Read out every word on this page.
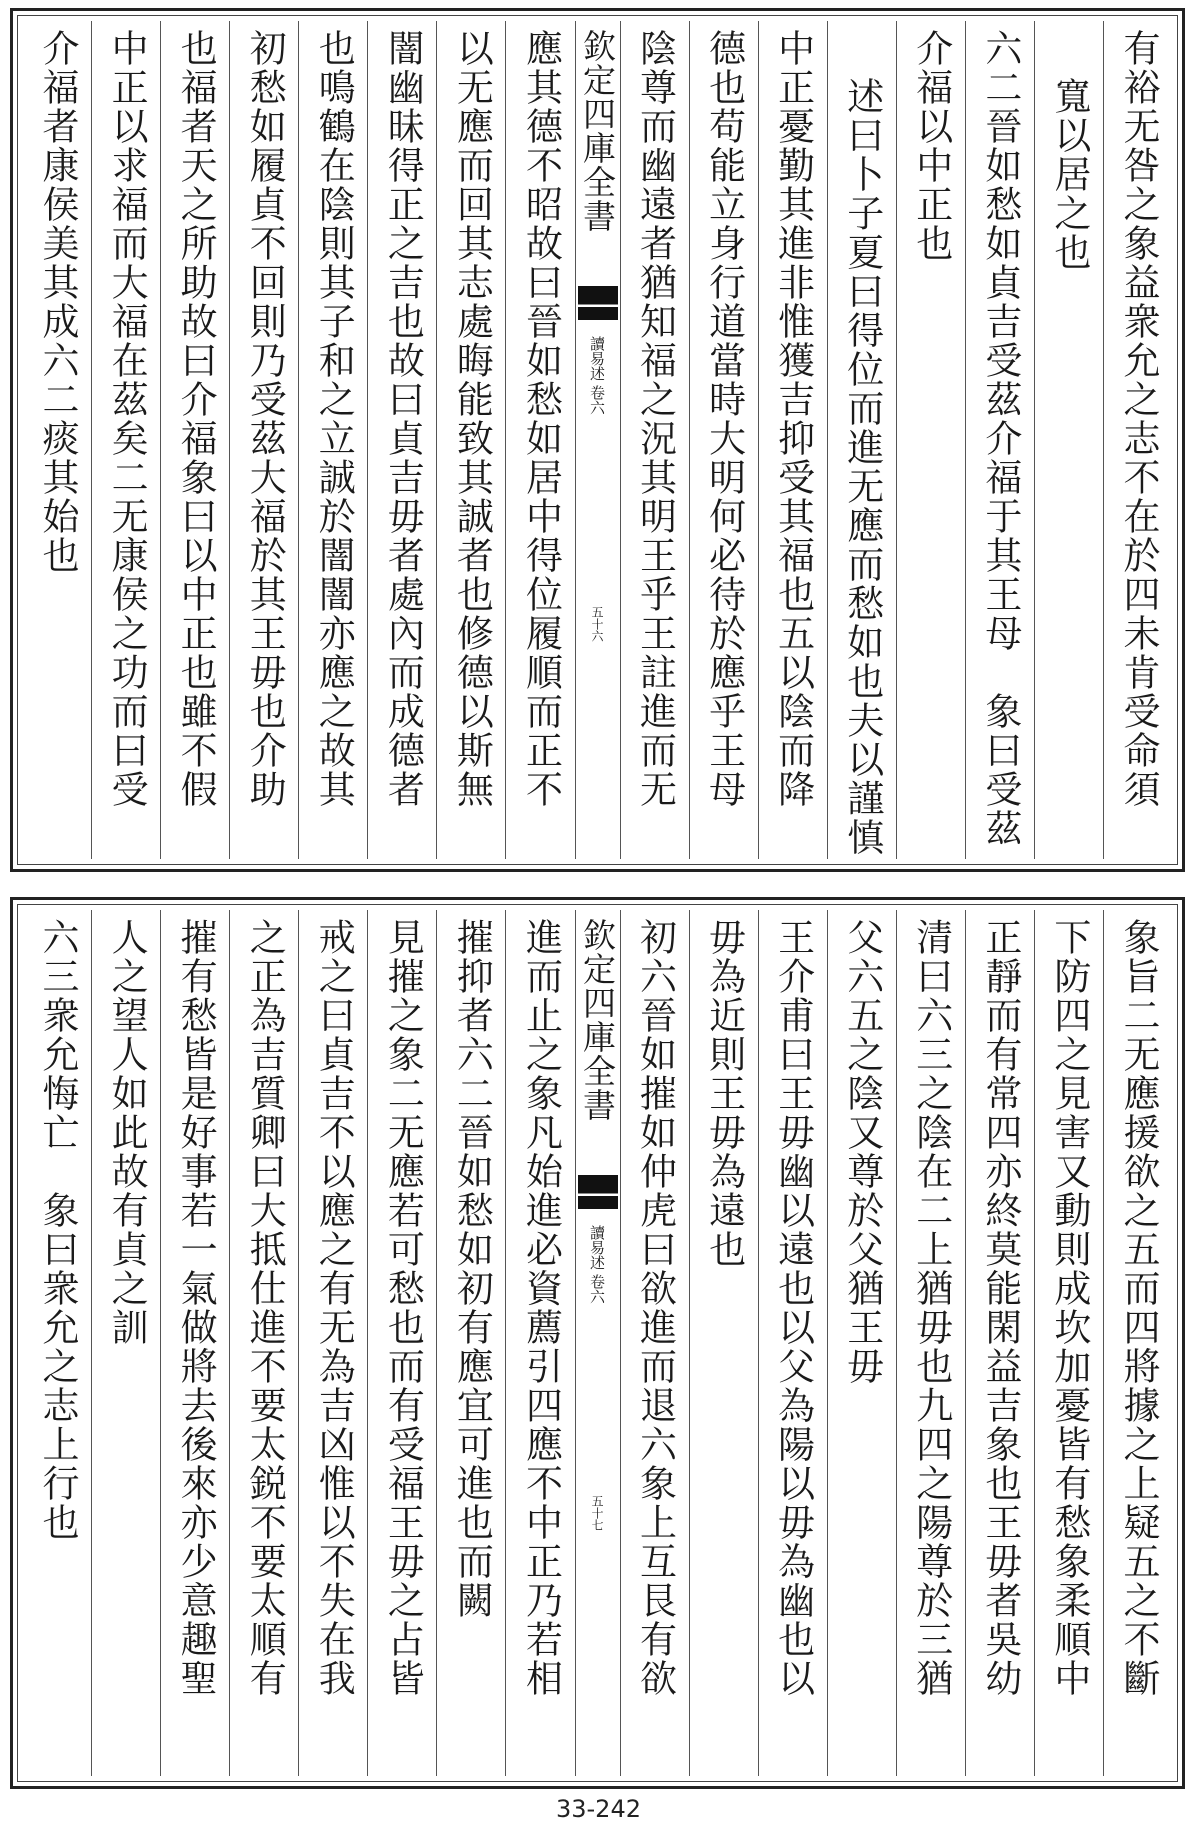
有裕无咎之象益衆允之志不在於四未肯受命須
寬以居之也
六二晉如愁如貞吉受茲介福于其王母　象曰受茲
介福以中正也
述曰卜子夏曰得位而進无應而愁如也夫以謹慎
中正憂勤其進非惟獲吉抑受其福也五以陰而降
德也苟能立身行道當時大明何必待於應乎王母
陰尊而幽遠者猶知福之況其明王乎王註進而无
欽定四庫全書
讀易述
卷六
五十六
應其德不昭故曰晉如愁如居中得位履順而正不
以无應而回其志處晦能致其誠者也修德以斯無
闇幽昧得正之吉也故曰貞吉毋者處內而成德者
也鳴鶴在陰則其子和之立誠於闇闇亦應之故其
初愁如履貞不回則乃受茲大福於其王毋也介助
也福者天之所助故曰介福象曰以中正也雖不假
中正以求福而大福在茲矣二无康侯之功而曰受
介福者康侯美其成六二痰其始也
象旨二无應援欲之五而四將據之上疑五之不斷
下防四之見害又動則成坎加憂皆有愁象柔順中
正靜而有常四亦終莫能閑益吉象也王毋者吳幼
清曰六三之陰在二上猶毋也九四之陽尊於三猶
父六五之陰又尊於父猶王毋
王介甫曰王毋幽以遠也以父為陽以毋為幽也以
毋為近則王毋為遠也
初六晉如摧如仲虎曰欲進而退六象上互艮有欲
欽定四庫全書
讀易述
卷六
五十七
進而止之象凡始進必資薦引四應不中正乃若相
摧抑者六二晉如愁如初有應宜可進也而闕
見摧之象二无應若可愁也而有受福王毋之占皆
戒之曰貞吉不以應之有无為吉凶惟以不失在我
之正為吉質卿曰大抵仕進不要太鋭不要太順有
摧有愁皆是好事若一氣做將去後來亦少意趣聖
人之望人如此故有貞之訓
六三衆允悔亡　象曰衆允之志上行也
33-242
